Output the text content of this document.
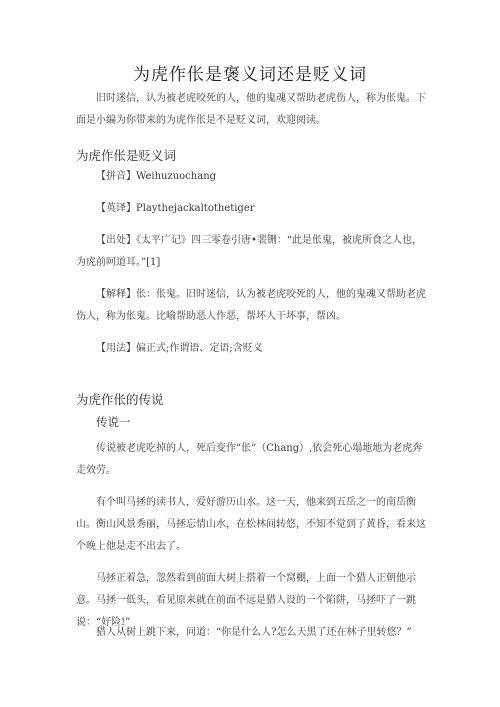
为虎作伥是褒义词还是贬义词
旧时迷信，认为被老虎咬死的人，他的鬼魂又帮助老虎伤人，称为伥鬼。下面是小编为你带来的为虎作伥是不是贬义词，欢迎阅读。
为虎作伥是贬义词
【拼音】Weihuzuochang
【英译】Playthejackaltothetiger
【出处】《太平广记》四三零卷引唐•裴铏：“此是伥鬼，被虎所食之人也，为虎前呵道耳。”[1]
【解释】伥：伥鬼。旧时迷信，认为被老虎咬死的人，他的鬼魂又帮助老虎伤人，称为伥鬼。比喻帮助恶人作恶，帮坏人干坏事，帮凶。
【用法】偏正式;作谓语、定语;含贬义
为虎作伥的传说
传说一
传说被老虎吃掉的人，死后变作“伥”（Chang）,依会死心塌地地为老虎奔走效劳。
有个叫马拯的读书人，爱好游历山水。这一天，他来到五岳之一的南岳衡山。衡山风景秀丽，马拯忘情山水，在松林间转悠，不知不觉到了黄昏，看来这个晚上他是走不出去了。
马拯正着急，忽然看到前面大树上搭着一个窝棚，上面一个猎人正朝他示意。马拯一低头，看见原来就在前面不远是猎人设的一个陷阱，马拯吓了一跳说：“好险!”
猎人从树上跳下来，问道：“你是什么人?怎么天黑了还在林子里转悠？”
